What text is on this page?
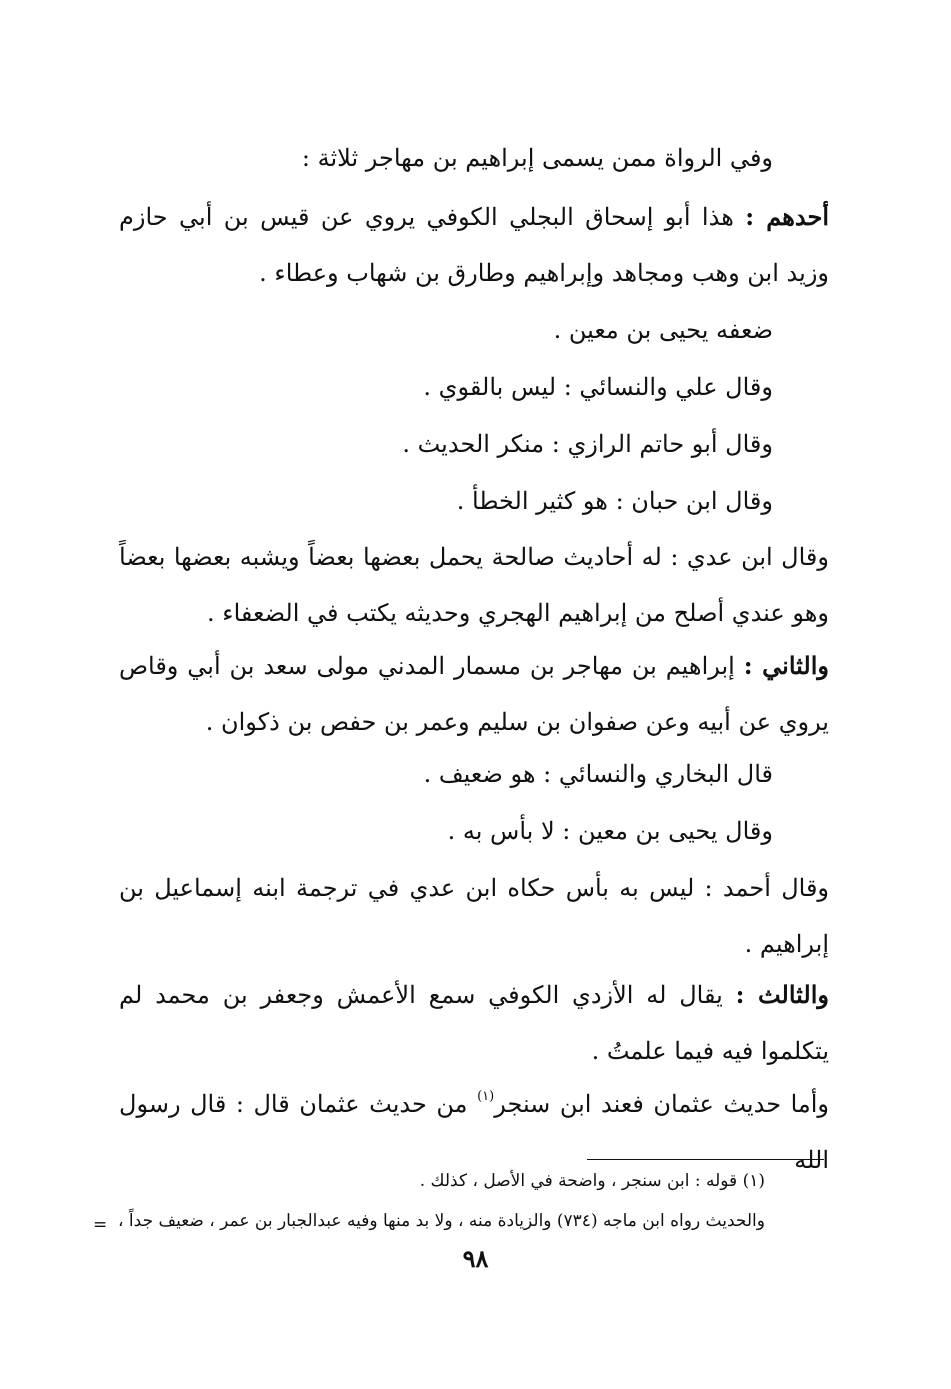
وفي الرواة ممن يسمى إبراهيم بن مهاجر ثلاثة :

أحدهم : هذا أبو إسحاق البجلي الكوفي يروي عن قيس بن أبي حازم وزيد ابن وهب ومجاهد وإبراهيم وطارق بن شهاب وعطاء .

ضعفه يحيى بن معين .

وقال علي والنسائي : ليس بالقوي .

وقال أبو حاتم الرازي : منكر الحديث .

وقال ابن حبان : هو كثير الخطأ .

وقال ابن عدي : له أحاديث صالحة يحمل بعضها بعضاً ويشبه بعضها بعضاً وهو عندي أصلح من إبراهيم الهجري وحديثه يكتب في الضعفاء .

والثاني : إبراهيم بن مهاجر بن مسمار المدني مولى سعد بن أبي وقاص يروي عن أبيه وعن صفوان بن سليم وعمر بن حفص بن ذكوان .

قال البخاري والنسائي : هو ضعيف .

وقال يحيى بن معين : لا بأس به .

وقال أحمد : ليس به بأس حكاه ابن عدي في ترجمة ابنه إسماعيل بن إبراهيم .

والثالث : يقال له الأزدي الكوفي سمع الأعمش وجعفر بن محمد لم يتكلموا فيه فيما علمتُ .

وأما حديث عثمان فعند ابن سنجر$^{(١)}$ من حديث عثمان قال : قال رسول الله

(١) قوله : ابن سنجر ، واضحة في الأصل ، كذلك .

والحديث رواه ابن ماجه (٧٣٤) والزيادة منه ، ولا بد منها وفيه عبدالجبار بن عمر ، ضعيف جداً ،

=
٩٨
